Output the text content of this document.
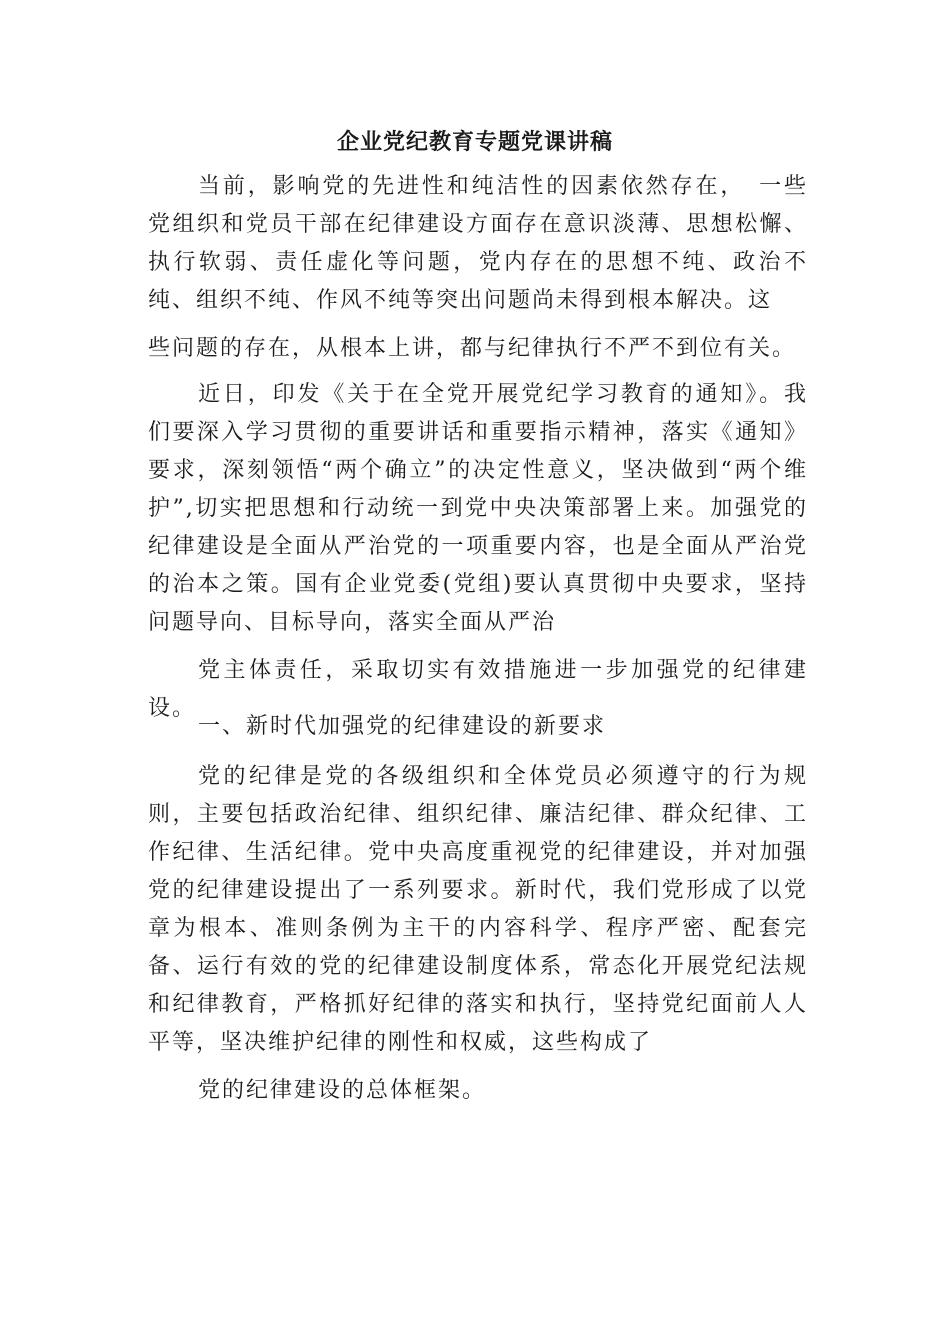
企业党纪教育专题党课讲稿

当前，影响党的先进性和纯洁性的因素依然存在，　一些党组织和党员干部在纪律建设方面存在意识淡薄、思想松懈、执行软弱、责任虚化等问题，党内存在的思想不纯、政治不纯、组织不纯、作风不纯等突出问题尚未得到根本解决。这
些问题的存在，从根本上讲，都与纪律执行不严不到位有关。

近日，印发《关于在全党开展党纪学习教育的通知》。我们要深入学习贯彻的重要讲话和重要指示精神，落实《通知》要求，深刻领悟“两个确立”的决定性意义，坚决做到“两个维护”,切实把思想和行动统一到党中央决策部署上来。加强党的纪律建设是全面从严治党的一项重要内容，也是全面从严治党的治本之策。国有企业党委(党组)要认真贯彻中央要求，坚持问题导向、目标导向，落实全面从严治
党主体责任，采取切实有效措施进一步加强党的纪律建设。

一、新时代加强党的纪律建设的新要求

党的纪律是党的各级组织和全体党员必须遵守的行为规则，主要包括政治纪律、组织纪律、廉洁纪律、群众纪律、工作纪律、生活纪律。党中央高度重视党的纪律建设，并对加强党的纪律建设提出了一系列要求。新时代，我们党形成了以党章为根本、准则条例为主干的内容科学、程序严密、配套完备、运行有效的党的纪律建设制度体系，常态化开展党纪法规和纪律教育，严格抓好纪律的落实和执行，坚持党纪面前人人平等，坚决维护纪律的刚性和权威，这些构成了
党的纪律建设的总体框架。
